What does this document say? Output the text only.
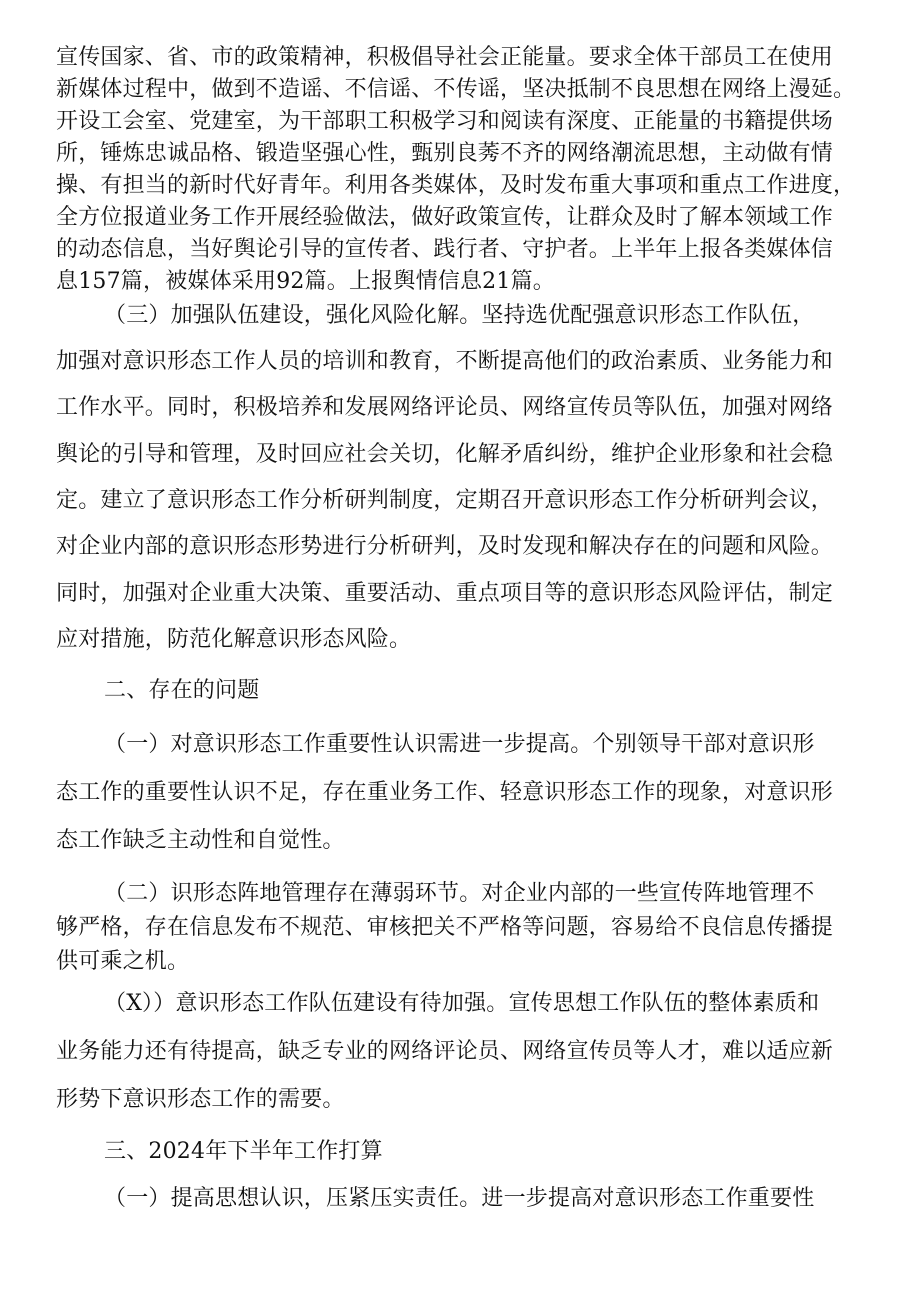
宣传国家、省、市的政策精神，积极倡导社会正能量。要求全体干部员工在使用
新媒体过程中，做到不造谣、不信谣、不传谣，坚决抵制不良思想在网络上漫延。
开设工会室、党建室，为干部职工积极学习和阅读有深度、正能量的书籍提供场
所，锤炼忠诚品格、锻造坚强心性，甄别良莠不齐的网络潮流思想，主动做有情
操、有担当的新时代好青年。利用各类媒体，及时发布重大事项和重点工作进度，
全方位报道业务工作开展经验做法，做好政策宣传，让群众及时了解本领域工作
的动态信息，当好舆论引导的宣传者、践行者、守护者。上半年上报各类媒体信
息157篇，被媒体采用92篇。上报舆情信息21篇。
（三）加强队伍建设，强化风险化解。坚持选优配强意识形态工作队伍，
加强对意识形态工作人员的培训和教育，不断提高他们的政治素质、业务能力和
工作水平。同时，积极培养和发展网络评论员、网络宣传员等队伍，加强对网络
舆论的引导和管理，及时回应社会关切，化解矛盾纠纷，维护企业形象和社会稳
定。建立了意识形态工作分析研判制度，定期召开意识形态工作分析研判会议，
对企业内部的意识形态形势进行分析研判，及时发现和解决存在的问题和风险。
同时，加强对企业重大决策、重要活动、重点项目等的意识形态风险评估，制定
应对措施，防范化解意识形态风险。
二、存在的问题
（一）对意识形态工作重要性认识需进一步提高。个别领导干部对意识形
态工作的重要性认识不足，存在重业务工作、轻意识形态工作的现象，对意识形
态工作缺乏主动性和自觉性。
（二）识形态阵地管理存在薄弱环节。对企业内部的一些宣传阵地管理不
够严格，存在信息发布不规范、审核把关不严格等问题，容易给不良信息传播提
供可乘之机。
（X））意识形态工作队伍建设有待加强。宣传思想工作队伍的整体素质和
业务能力还有待提高，缺乏专业的网络评论员、网络宣传员等人才，难以适应新
形势下意识形态工作的需要。
三、2024年下半年工作打算
（一）提高思想认识，压紧压实责任。进一步提高对意识形态工作重要性
